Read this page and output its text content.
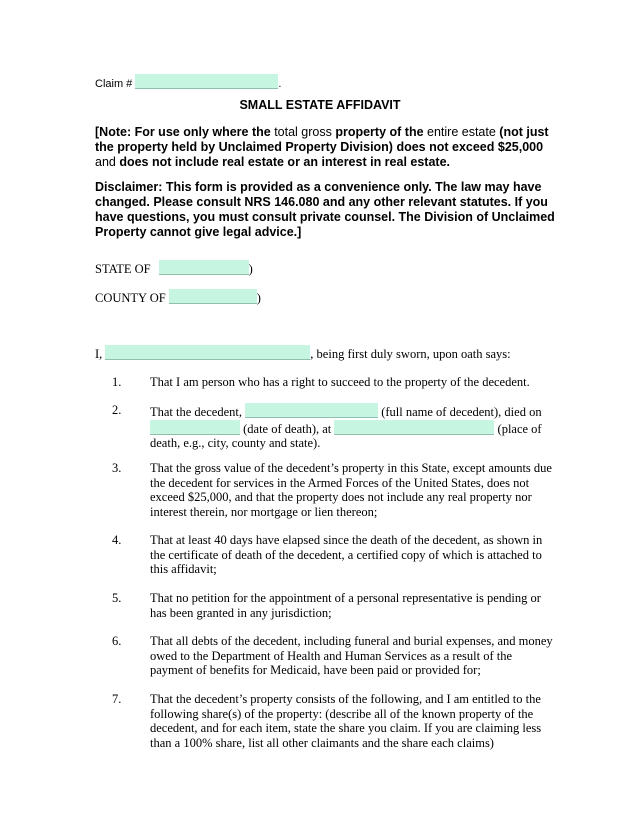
Claim #	.
SMALL ESTATE AFFIDAVIT
[Note: For use only where the total gross property of the entire estate (not just the property held by Unclaimed Property Division) does not exceed $25,000 and does not include real estate or an interest in real estate.
Disclaimer: This form is provided as a convenience only. The law may have changed. Please consult NRS 146.080 and any other relevant statutes. If you have questions, you must consult private counsel. The Division of Unclaimed Property cannot give legal advice.]
STATE OF	)
COUNTY OF	)
I,	, being first duly sworn, upon oath says:
1. That I am person who has a right to succeed to the property of the decedent.
2. That the decedent,	(full name of decedent), died on  (date of death), at	(place of death, e.g., city, county and state).
3. That the gross value of the decedent’s property in this State, except amounts due the decedent for services in the Armed Forces of the United States, does not exceed $25,000, and that the property does not include any real property nor interest therein, nor mortgage or lien thereon;
4. That at least 40 days have elapsed since the death of the decedent, as shown in the certificate of death of the decedent, a certified copy of which is attached to this affidavit;
5. That no petition for the appointment of a personal representative is pending or has been granted in any jurisdiction;
6. That all debts of the decedent, including funeral and burial expenses, and money owed to the Department of Health and Human Services as a result of the payment of benefits for Medicaid, have been paid or provided for;
7. That the decedent’s property consists of the following, and I am entitled to the following share(s) of the property: (describe all of the known property of the decedent, and for each item, state the share you claim. If you are claiming less than a 100% share, list all other claimants and the share each claims)
